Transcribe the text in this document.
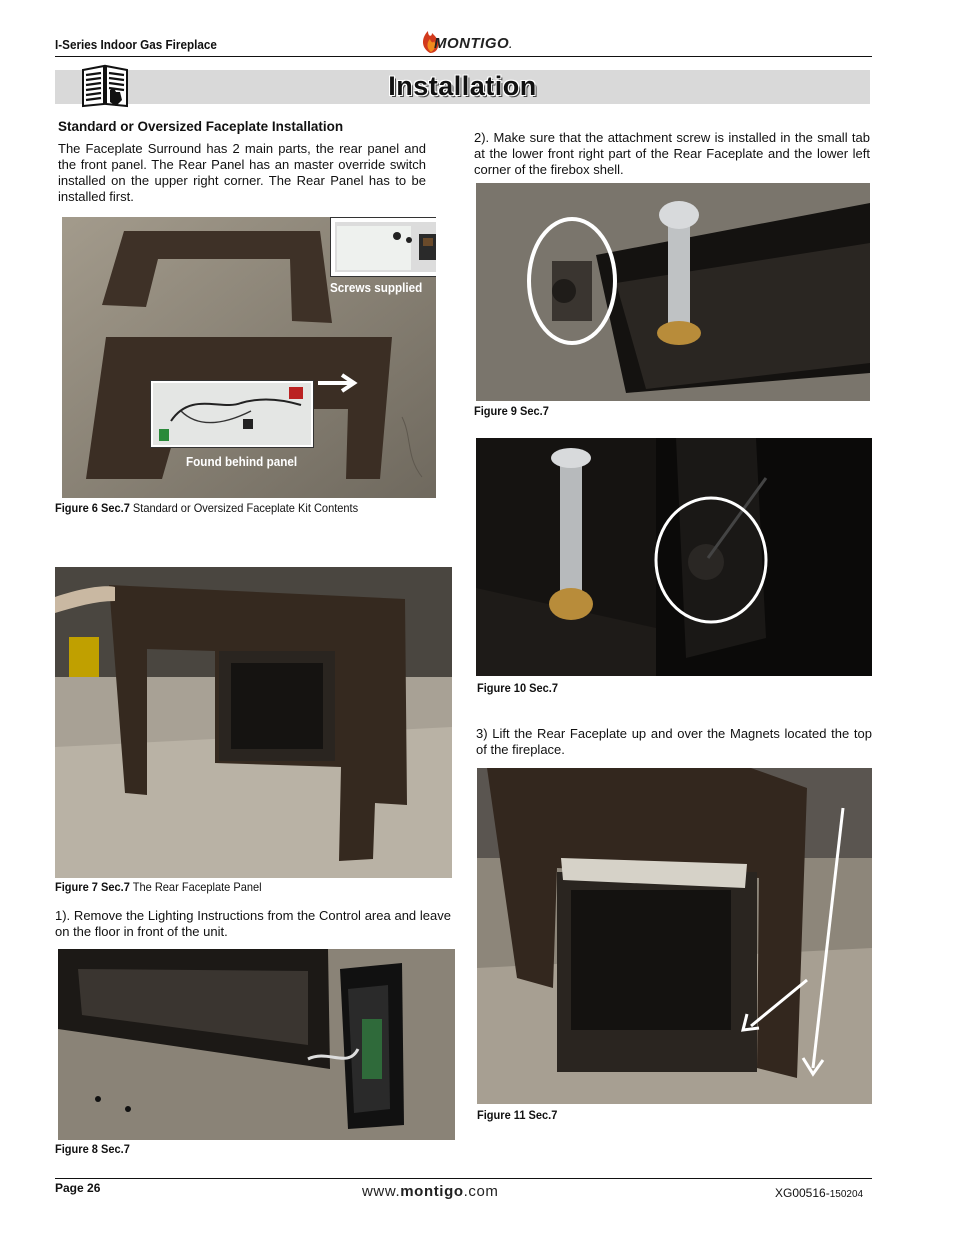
I-Series Indoor Gas Fireplace	MONTIGO.
Installation
Standard or Oversized Faceplate Installation
The Faceplate Surround has 2 main parts, the rear panel and the front panel. The Rear Panel has an master override switch installed on the upper right corner. The Rear Panel has to be installed first.
Screws supplied
Found behind panel
Figure 6 Sec.7 Standard or Oversized Faceplate Kit Contents
Figure 7 Sec.7 The Rear Faceplate Panel
1). Remove the Lighting Instructions from the Control area and leave on the floor in front of the unit.
Figure 8 Sec.7
2). Make sure that the attachment screw is installed in the small tab at the lower front right part of the Rear Faceplate and the lower left corner of the firebox shell.
Figure 9 Sec.7
Figure 10 Sec.7
3) Lift the Rear Faceplate up and over the Magnets located the top of the fireplace.
Figure 11 Sec.7
Page 26	www.montigo.com	XG00516-150204
